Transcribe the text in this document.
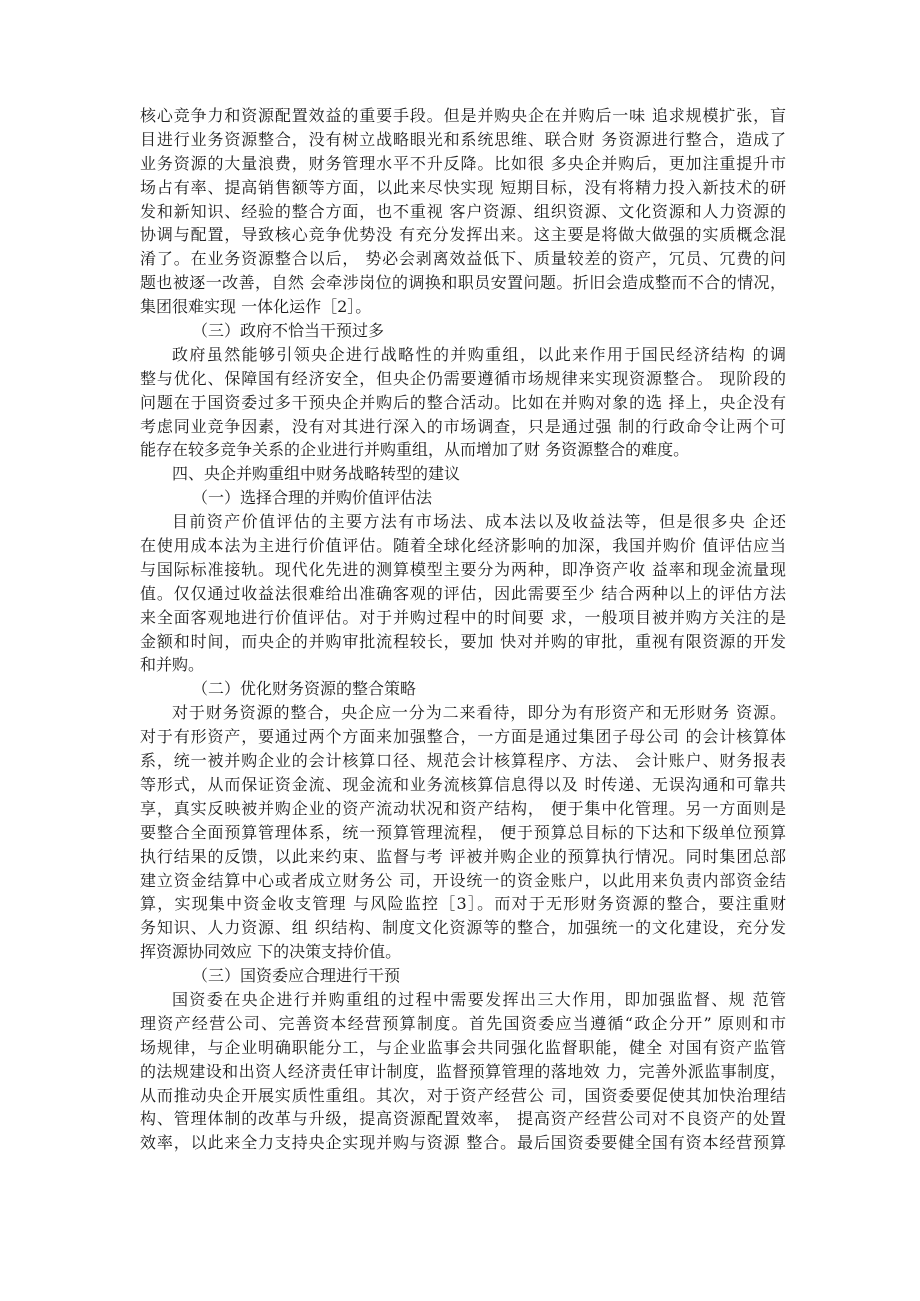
核心竞争力和资源配置效益的重要手段。但是并购央企在并购后一味 追求规模扩张，盲
目进行业务资源整合，没有树立战略眼光和系统思维、联合财 务资源进行整合，造成了
业务资源的大量浪费，财务管理水平不升反降。比如很 多央企并购后，更加注重提升市
场占有率、提高销售额等方面，以此来尽快实现 短期目标，没有将精力投入新技术的研
发和新知识、经验的整合方面，也不重视 客户资源、组织资源、文化资源和人力资源的
协调与配置，导致核心竞争优势没 有充分发挥出来。这主要是将做大做强的实质概念混
淆了。在业务资源整合以后， 势必会剥离效益低下、质量较差的资产，冗员、冗费的问
题也被逐一改善，自然 会牵涉岗位的调换和职员安置问题。折旧会造成整而不合的情况，
集团很难实现 一体化运作［2］。
（三）政府不恰当干预过多
政府虽然能够引领央企进行战略性的并购重组，以此来作用于国民经济结构 的调
整与优化、保障国有经济安全，但央企仍需要遵循市场规律来实现资源整合。 现阶段的
问题在于国资委过多干预央企并购后的整合活动。比如在并购对象的选 择上，央企没有
考虑同业竞争因素，没有对其进行深入的市场调查，只是通过强 制的行政命令让两个可
能存在较多竞争关系的企业进行并购重组，从而增加了财 务资源整合的难度。
四、央企并购重组中财务战略转型的建议
（一）选择合理的并购价值评估法
目前资产价值评估的主要方法有市场法、成本法以及收益法等，但是很多央 企还
在使用成本法为主进行价值评估。随着全球化经济影响的加深，我国并购价 值评估应当
与国际标准接轨。现代化先进的测算模型主要分为两种，即净资产收 益率和现金流量现
值。仅仅通过收益法很难给出准确客观的评估，因此需要至少 结合两种以上的评估方法
来全面客观地进行价值评估。对于并购过程中的时间要 求，一般项目被并购方关注的是
金额和时间，而央企的并购审批流程较长，要加 快对并购的审批，重视有限资源的开发
和并购。
（二）优化财务资源的整合策略
对于财务资源的整合，央企应一分为二来看待，即分为有形资产和无形财务 资源。
对于有形资产，要通过两个方面来加强整合，一方面是通过集团子母公司 的会计核算体
系，统一被并购企业的会计核算口径、规范会计核算程序、方法、 会计账户、财务报表
等形式，从而保证资金流、现金流和业务流核算信息得以及 时传递、无误沟通和可靠共
享，真实反映被并购企业的资产流动状况和资产结构， 便于集中化管理。另一方面则是
要整合全面预算管理体系，统一预算管理流程， 便于预算总目标的下达和下级单位预算
执行结果的反馈，以此来约束、监督与考 评被并购企业的预算执行情况。同时集团总部
建立资金结算中心或者成立财务公 司，开设统一的资金账户，以此用来负责内部资金结
算，实现集中资金收支管理 与风险监控［3］。而对于无形财务资源的整合，要注重财
务知识、人力资源、组 织结构、制度文化资源等的整合，加强统一的文化建设，充分发
挥资源协同效应 下的决策支持价值。
（三）国资委应合理进行干预
国资委在央企进行并购重组的过程中需要发挥出三大作用，即加强监督、规 范管
理资产经营公司、完善资本经营预算制度。首先国资委应当遵循“政企分开” 原则和市
场规律，与企业明确职能分工，与企业监事会共同强化监督职能，健全 对国有资产监管
的法规建设和出资人经济责任审计制度，监督预算管理的落地效 力，完善外派监事制度，
从而推动央企开展实质性重组。其次，对于资产经营公 司，国资委要促使其加快治理结
构、管理体制的改革与升级，提高资源配置效率， 提高资产经营公司对不良资产的处置
效率，以此来全力支持央企实现并购与资源 整合。最后国资委要健全国有资本经营预算
